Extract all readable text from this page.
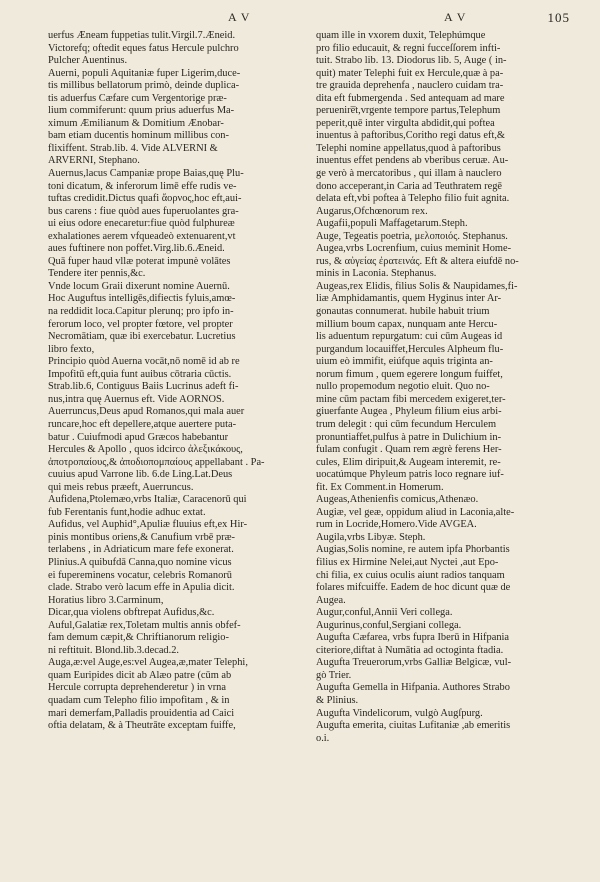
A V	A V	105
uerfus Æneam fuppetias tulit.Virgil.7.Æneid.
Victorefq; oftedit eques fatus Hercule pulchro
Pulcher Auentinus.
Auerni, populi Aquitaniæ fuper Ligerim,duce-
tis millibus bellatorum primò, deinde duplica-
tis aduerfus Cæfare cum Vergentorige præ-
lium commiferunt: quum prius aduerfus Ma-
ximum Æmilianum & Domitium Ænobar-
bam etiam ducentis hominum millibus con-
flixiffent. Strab.lib. 4. Vide ALVERNI &
ARVERNI, Stephano.
Auernus,lacus Campaniæ prope Baias,quę Plu-
toni dicatum, & inferorum limē effe rudis ve-
tuftas credidit.Dictus quafi ἄορνος,hoc eft,aui-
bus carens : fiue quòd aues fuperuolantes gra-
ui eius odore enecaretur:fiue quòd fulphureæ
exhalationes aerem vfqueadeò extenuarent,vt
aues fuftinere non poffet.Virg.lib.6.Æneid.
Quā fuper haud vllæ poterat impunè volātes
Tendere iter pennis,&c.
Vnde locum Graii dixerunt nomine Auernū.
Hoc Auguftus intelligēs,difiectis fyluis,amœ-
na reddidit loca.Capitur plerunq; pro ipfo in-
ferorum loco, vel propter fœtore, vel propter
Necromātiam, quæ ibi exercebatur. Lucretius
libro fexto,
Principio quòd Auerna vocāt,nō nomē id ab re
Impofitū eft,quia funt auibus cōtraria cūctis.
Strab.lib.6, Contiguus Baiis Lucrinus adeft fi-
nus,intra quę Auernus eft. Vide AORNOS.
Auerruncus,Deus apud Romanos,qui mala auer
runcare,hoc eft depellere,atque auertere puta-
batur . Cuiufmodi apud Græcos habebantur
Hercules & Apollo , quos idcirco ἀλεξικάκους,
ἀποτροπαίους,& ἀποδιοπομπαίους appellabant . Pa-
cuuius apud Varrone lib. 6.de Ling.Lat.Deus
qui meis rebus præeft, Auerruncus.
Aufidena,Ptolemæo,vrbs Italiæ, Caracenorū qui
fub Ferentanis funt,hodie adhuc extat.
Aufidus, vel Auphid°,Apuliæ fluuius eft,ex Hir-
pinis montibus oriens,& Canufium vrbē præ-
terlabens , in Adriaticum mare fefe exonerat.
Plinius.A quibufdā Canna,quo nomine vicus
ei fupereminens vocatur, celebris Romanorū
clade. Strabo verò lacum effe in Apulia dicit.
Horatius libro 3.Carminum,
Dicar,qua violens obftrepat Aufidus,&c.
Auful,Galatiæ rex,Toletam multis annis obfef-
fam demum cæpit,& Chriftianorum religio-
ni reftituit. Blond.lib.3.decad.2.
Auga,æ:vel Auge,es:vel Augea,æ,mater Telephi,
quam Euripides dicit ab Alæo patre (cūm ab
Hercule corrupta deprehenderetur ) in vrna
quadam cum Telepho filio impofitam , & in
mari demerfam,Palladis prouidentia ad Caici
oftia delatam, & à Theutrāte exceptam fuiffe,
quam ille in vxorem duxit, Telephúmque
pro filio educauit, & regni fucceſſorem infti-
tuit. Strabo lib. 13. Diodorus lib. 5, Auge ( in-
quit) mater Telephi fuit ex Hercule,quæ à pa-
tre grauida deprehenfa , nauclero cuidam tra-
dita eft fubmergenda . Sed antequam ad mare
peruenire̅t,vrgente tempore partus,Telephum
peperit,quē inter virgulta abdidit,qui poftea
inuentus à paftoribus,Coritho regi datus eft,&
Telephi nomine appellatus,quod à paftoribus
inuentus effet pendens ab vberibus ceruæ. Au-
ge verò à mercatoribus , qui illam à nauclero
dono acceperant,in Caria ad Teuthratem regē
delata eft,vbi poftea à Telepho filio fuit agnita.
Augarus,Ofchœnorum rex.
Augafii,populi Maffagetarum.Steph.
Auge, Tegeatis poetria, μελοποιός. Stephanus.
Augea,vrbs Locrenfium, cuius meminit Home-
rus, & αὐγείας ἐρατεινάς. Eft & altera eiufdē no-
minis in Laconia. Stephanus.
Augeas,rex Elidis, filius Solis & Naupidames,fi-
liæ Amphidamantis, quem Hyginus inter Ar-
gonautas connumerat. hubile habuit trium
millium boum capax, nunquam ante Hercu-
lis aduentum repurgatum: cui cūm Augeas id
purgandum locauiffet,Hercules Alpheum flu-
uium eò immifit, eiúfque aquis triginta an-
norum fimum , quem egerere longum fuiffet,
nullo propemodum negotio eluit. Quo no-
mine cūm pactam fibi mercedem exigeret,ter-
giuerfante Augea , Phyleum filium eius arbi-
trum delegit : qui cūm fecundum Herculem
pronuntiaffet,pulfus à patre in Dulichium in-
fulam confugit . Quam rem ægrè ferens Her-
cules, Elim diripuit,& Augeam interemit, re-
uocatúmque Phyleum patris loco regnare iuf-
fit. Ex Comment.in Homerum.
Augeas,Athenienfis comicus,Athenæo.
Augiæ, vel geæ, oppidum aliud in Laconia,alte-
rum in Locride,Homero.Vide AVGEA.
Augila,vrbs Libyæ. Steph.
Augias,Solis nomine, re autem ipfa Phorbantis
filius ex Hirmine Nelei,aut Nyctei ,aut Epo-
chi filia, ex cuius oculis aiunt radios tanquam
folares mifcuiffe. Eadem de hoc dicunt quæ de
Augea.
Augur,conful,Annii Veri collega.
Augurinus,conful,Sergiani collega.
Augufta Cæfarea, vrbs fupra Iberū in Hifpania
citeriore,diftat à Numātia ad octoginta ftadia.
Augufta Treuerorum,vrbs Galliæ Belgicæ, vul-
gò Trier.
Augufta Gemella in Hifpania. Authores Strabo
& Plinius.
Augufta Vindelicorum, vulgò Augſpurg.
Augufta emerita, ciuitas Lufitaniæ ,ab emeritis
o.i.
